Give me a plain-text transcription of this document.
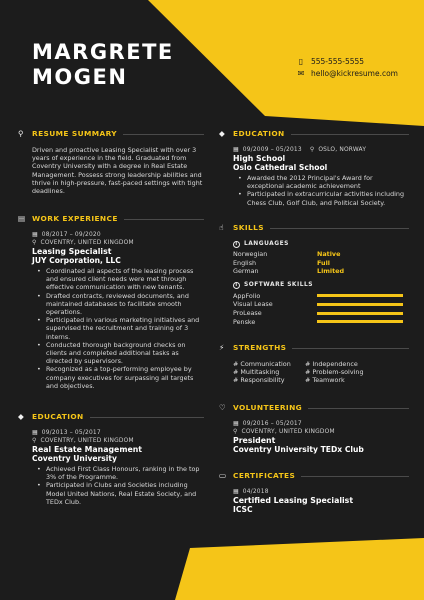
MARGRETE
MOGEN
▯	555-555-5555
✉ hello@kickresume.com
⚲	RESUME SUMMARY
Driven and proactive Leasing Specialist with over 3 years of experience in the field. Graduated from Coventry University with a degree in Real Estate Management. Possess strong leadership abilities and thrive in high-pressure, fast-paced settings with tight deadlines.
▤ WORK EXPERIENCE
▦ 08/2017 – 09/2020
⚲ COVENTRY, UNITED KINGDOM
Leasing Specialist
JUY Corporation, LLC
• Coordinated all aspects of the leasing process and ensured client needs were met through effective communication with new tenants.
• Drafted contracts, reviewed documents, and maintained databases to facilitate smooth operations.
• Participated in various marketing initiatives and supervised the recruitment and training of 3 interns.
• Conducted thorough background checks on clients and completed additional tasks as directed by supervisors.
• Recognized as a top-performing employee by company executives for surpassing all targets and objectives.
◆	EDUCATION
▦ 09/2013 – 05/2017
⚲ COVENTRY, UNITED KINGDOM
Real Estate Management
Coventry University
• Achieved First Class Honours, ranking in the top 3% of the Programme.
• Participated in Clubs and Societies including Model United Nations, Real Estate Society, and TEDx Club.
◆	EDUCATION
▦ 09/2009 – 05/2013 ⚲ OSLO, NORWAY
High School
Oslo Cathedral School
• Awarded the 2012 Principal's Award for exceptional academic achievement
• Participated in extracurricular activities including Chess Club, Golf Club, and Political Society.
☝	SKILLS
i	LANGUAGES
Norwegian	Native
English	Full
German	Limited
i	SOFTWARE SKILLS
AppFolio
Visual Lease
ProLease
Penske
⚡	STRENGTHS
# Communication	# Independence
# Multitasking	# Problem-solving
# Responsibility	# Teamwork
♡ VOLUNTEERING
▦ 09/2016 – 05/2017
⚲ COVENTRY, UNITED KINGDOM
President
Coventry University TEDx Club
▭ CERTIFICATES
▦ 04/2018
Certified Leasing Specialist
ICSC
